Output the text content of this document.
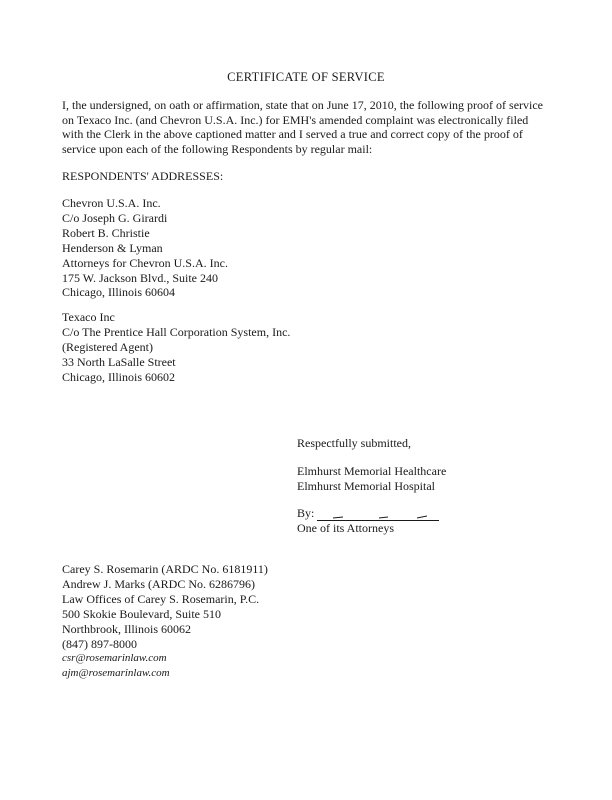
CERTIFICATE OF SERVICE
I, the undersigned, on oath or affirmation, state that on June 17, 2010, the following proof of service
on Texaco Inc. (and Chevron U.S.A. Inc.) for EMH's amended complaint was electronically filed
with the Clerk in the above captioned matter and I served a true and correct copy of the proof of
service upon each of the following Respondents by regular mail:
RESPONDENTS' ADDRESSES:
Chevron U.S.A. Inc.
C/o Joseph G. Girardi
Robert B. Christie
Henderson & Lyman
Attorneys for Chevron U.S.A. Inc.
175 W. Jackson Blvd., Suite 240
Chicago, Illinois 60604
Texaco Inc
C/o The Prentice Hall Corporation System, Inc.
(Registered Agent)
33 North LaSalle Street
Chicago, Illinois 60602
Respectfully submitted,
Elmhurst Memorial Healthcare
Elmhurst Memorial Hospital
By:
One of its Attorneys
Carey S. Rosemarin (ARDC No. 6181911)
Andrew J. Marks (ARDC No. 6286796)
Law Offices of Carey S. Rosemarin, P.C.
500 Skokie Boulevard, Suite 510
Northbrook, Illinois 60062
(847) 897-8000
csr@rosemarinlaw.com
ajm@rosemarinlaw.com
